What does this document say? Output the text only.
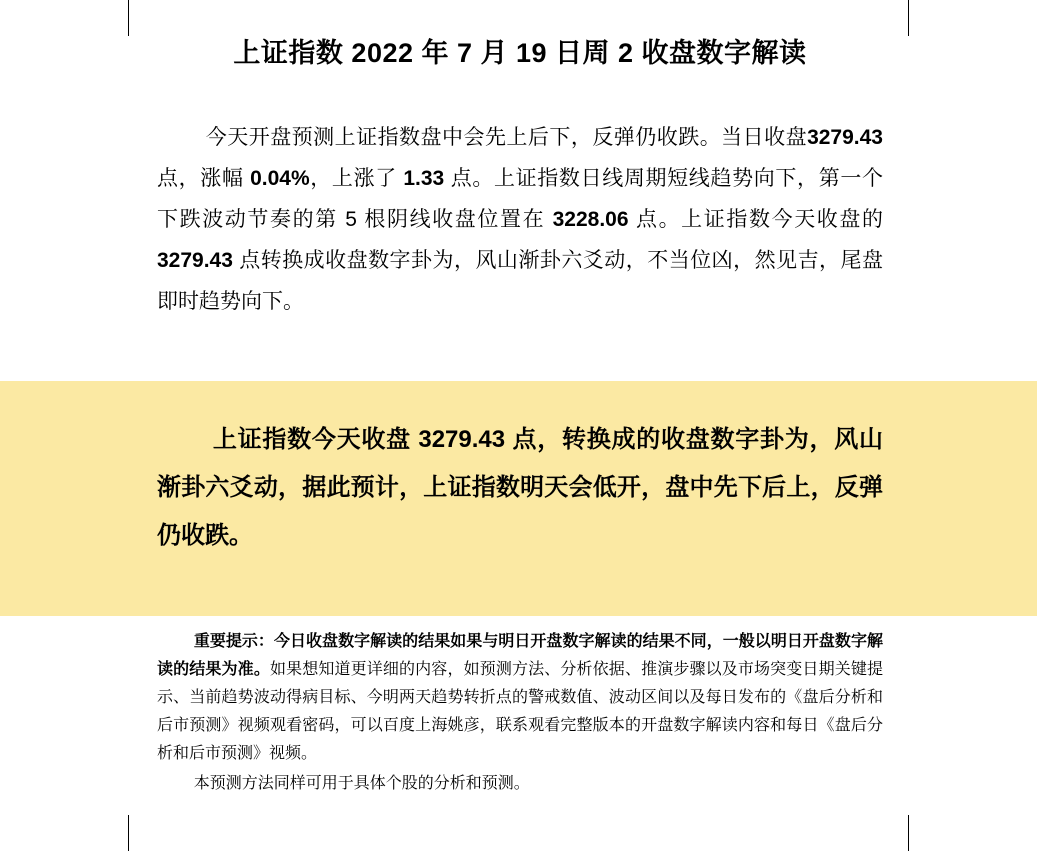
上证指数 2022 年 7 月 19 日周 2 收盘数字解读
今天开盘预测上证指数盘中会先上后下，反弹仍收跌。当日收盘3279.43 点，涨幅 0.04%，上涨了 1.33 点。上证指数日线周期短线趋势向下，第一个下跌波动节奏的第 5 根阴线收盘位置在 3228.06 点。上证指数今天收盘的 3279.43 点转换成收盘数字卦为，风山渐卦六爻动，不当位凶，然见吉，尾盘即时趋势向下。
上证指数今天收盘 3279.43 点，转换成的收盘数字卦为，风山渐卦六爻动，据此预计，上证指数明天会低开，盘中先下后上，反弹仍收跌。

重要提示：今日收盘数字解读的结果如果与明日开盘数字解读的结果不同，一般以明日开盘数字解读的结果为准。如果想知道更详细的内容，如预测方法、分析依据、推演步骤以及市场突变日期关键提示、当前趋势波动得病目标、今明两天趋势转折点的警戒数值、波动区间以及每日发布的《盘后分析和后市预测》视频观看密码，可以百度上海姚彦，联系观看完整版本的开盘数字解读内容和每日《盘后分析和后市预测》视频。

本预测方法同样可用于具体个股的分析和预测。
